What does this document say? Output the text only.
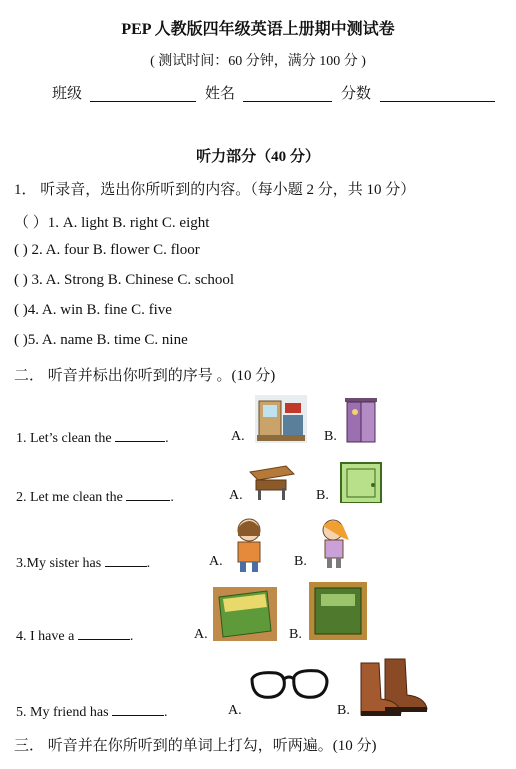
PEP 人教版四年级英语上册期中测试卷
( 测试时间：60 分钟，满分 100 分 )
班级	姓名	分数
听力部分（40 分）
1． 听录音，选出你所听到的内容。（每小题 2 分，共 10 分）
（ ）1. A. light B. right C. eight
( ) 2. A. four B. flower C. floor
( ) 3. A. Strong B. Chinese C. school
( )4. A. win B. fine C. five
( )5. A. name B. time C. nine
二． 听音并标出你听到的序号 。(10 分)
1. Let’s clean the	.	A.	B.
2. Let me clean the	.	A.	B.
3.My sister has	.	A.	B.
4. I have a	.	A.	B.
5. My friend has	.	A.	B.
三． 听音并在你所听到的单词上打勾，听两遍。(10 分)
